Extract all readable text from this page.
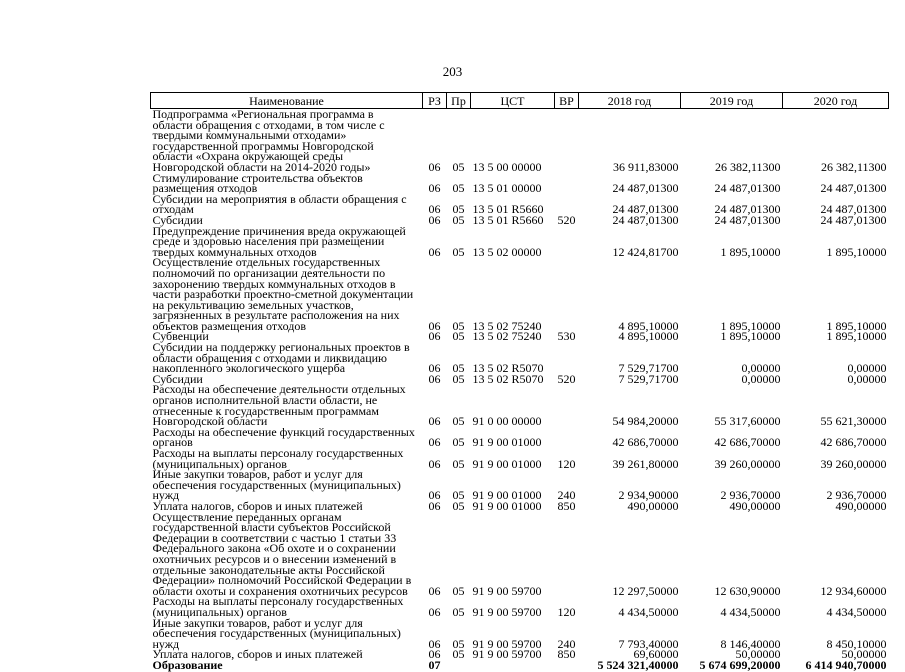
203
Наименование	РЗ	Пр	ЦСТ	ВР	2018 год	2019 год	2020 год
Подпрограмма «Региональная программа в области обращения с отходами, в том числе с твердыми коммунальными отходами» государственной программы Новгородской области «Охрана окружающей среды Новгородской области на 2014-2020 годы»	06	05	13 5 00 00000		36 911,83000	26 382,11300	26 382,11300
Стимулирование строительства объектов размещения отходов	06	05	13 5 01 00000		24 487,01300	24 487,01300	24 487,01300
Субсидии на мероприятия в области обращения с отходам	06	05	13 5 01 R5660		24 487,01300	24 487,01300	24 487,01300
Субсидии	06	05	13 5 01 R5660	520	24 487,01300	24 487,01300	24 487,01300
Предупреждение причинения вреда окружающей среде и здоровью населения при размещении твердых коммунальных отходов	06	05	13 5 02 00000		12 424,81700	1 895,10000	1 895,10000
Осуществление отдельных государственных полномочий по организации деятельности по захоронению твердых коммунальных отходов в части разработки проектно-сметной документации на рекультивацию земельных участков, загрязненных в результате расположения на них объектов размещения отходов	06	05	13 5 02 75240		4 895,10000	1 895,10000	1 895,10000
Субвенции	06	05	13 5 02 75240	530	4 895,10000	1 895,10000	1 895,10000
Субсидии на поддержку региональных проектов в области обращения с отходами и ликвидацию накопленного экологического ущерба	06	05	13 5 02 R5070		7 529,71700	0,00000	0,00000
Субсидии	06	05	13 5 02 R5070	520	7 529,71700	0,00000	0,00000
Расходы на обеспечение деятельности отдельных органов исполнительной власти области, не отнесенные к государственным программам Новгородской области	06	05	91 0 00 00000		54 984,20000	55 317,60000	55 621,30000
Расходы на обеспечение функций государственных органов	06	05	91 9 00 01000		42 686,70000	42 686,70000	42 686,70000
Расходы на выплаты персоналу государственных (муниципальных) органов	06	05	91 9 00 01000	120	39 261,80000	39 260,00000	39 260,00000
Иные закупки товаров, работ и услуг для обеспечения государственных (муниципальных) нужд	06	05	91 9 00 01000	240	2 934,90000	2 936,70000	2 936,70000
Уплата налогов, сборов и иных платежей	06	05	91 9 00 01000	850	490,00000	490,00000	490,00000
Осуществление переданных органам государственной власти субъектов Российской Федерации в соответствии с частью 1 статьи 33 Федерального закона «Об охоте и о сохранении охотничьих ресурсов и о внесении изменений в отдельные законодательные акты Российской Федерации» полномочий Российской Федерации в области охоты и сохранения охотничьих ресурсов	06	05	91 9 00 59700		12 297,50000	12 630,90000	12 934,60000
Расходы на выплаты персоналу государственных (муниципальных) органов	06	05	91 9 00 59700	120	4 434,50000	4 434,50000	4 434,50000
Иные закупки товаров, работ и услуг для обеспечения государственных (муниципальных) нужд	06	05	91 9 00 59700	240	7 793,40000	8 146,40000	8 450,10000
Уплата налогов, сборов и иных платежей	06	05	91 9 00 59700	850	69,60000	50,00000	50,00000
Образование	07				5 524 321,40000	5 674 699,20000	6 414 940,70000
